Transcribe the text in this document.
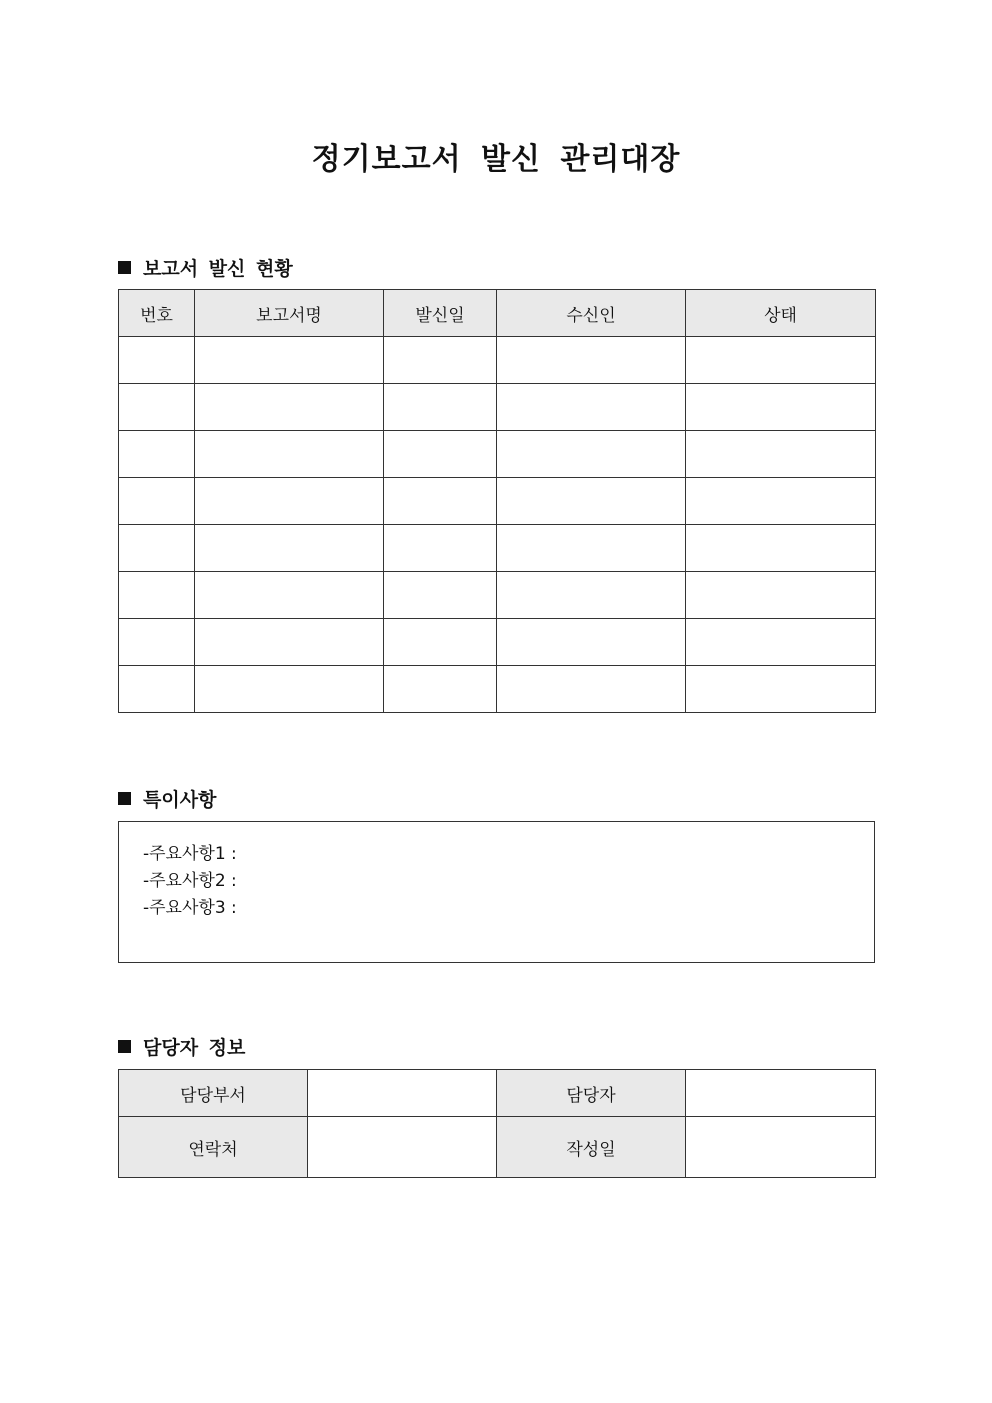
정기보고서 발신 관리대장
보고서 발신 현황
번호	보고서명	발신일	수신인	상태

특이사항
-주요사항1 :
-주요사항2 :
-주요사항3 :
담당자 정보
담당부서		담당자	
연락처		작성일	
